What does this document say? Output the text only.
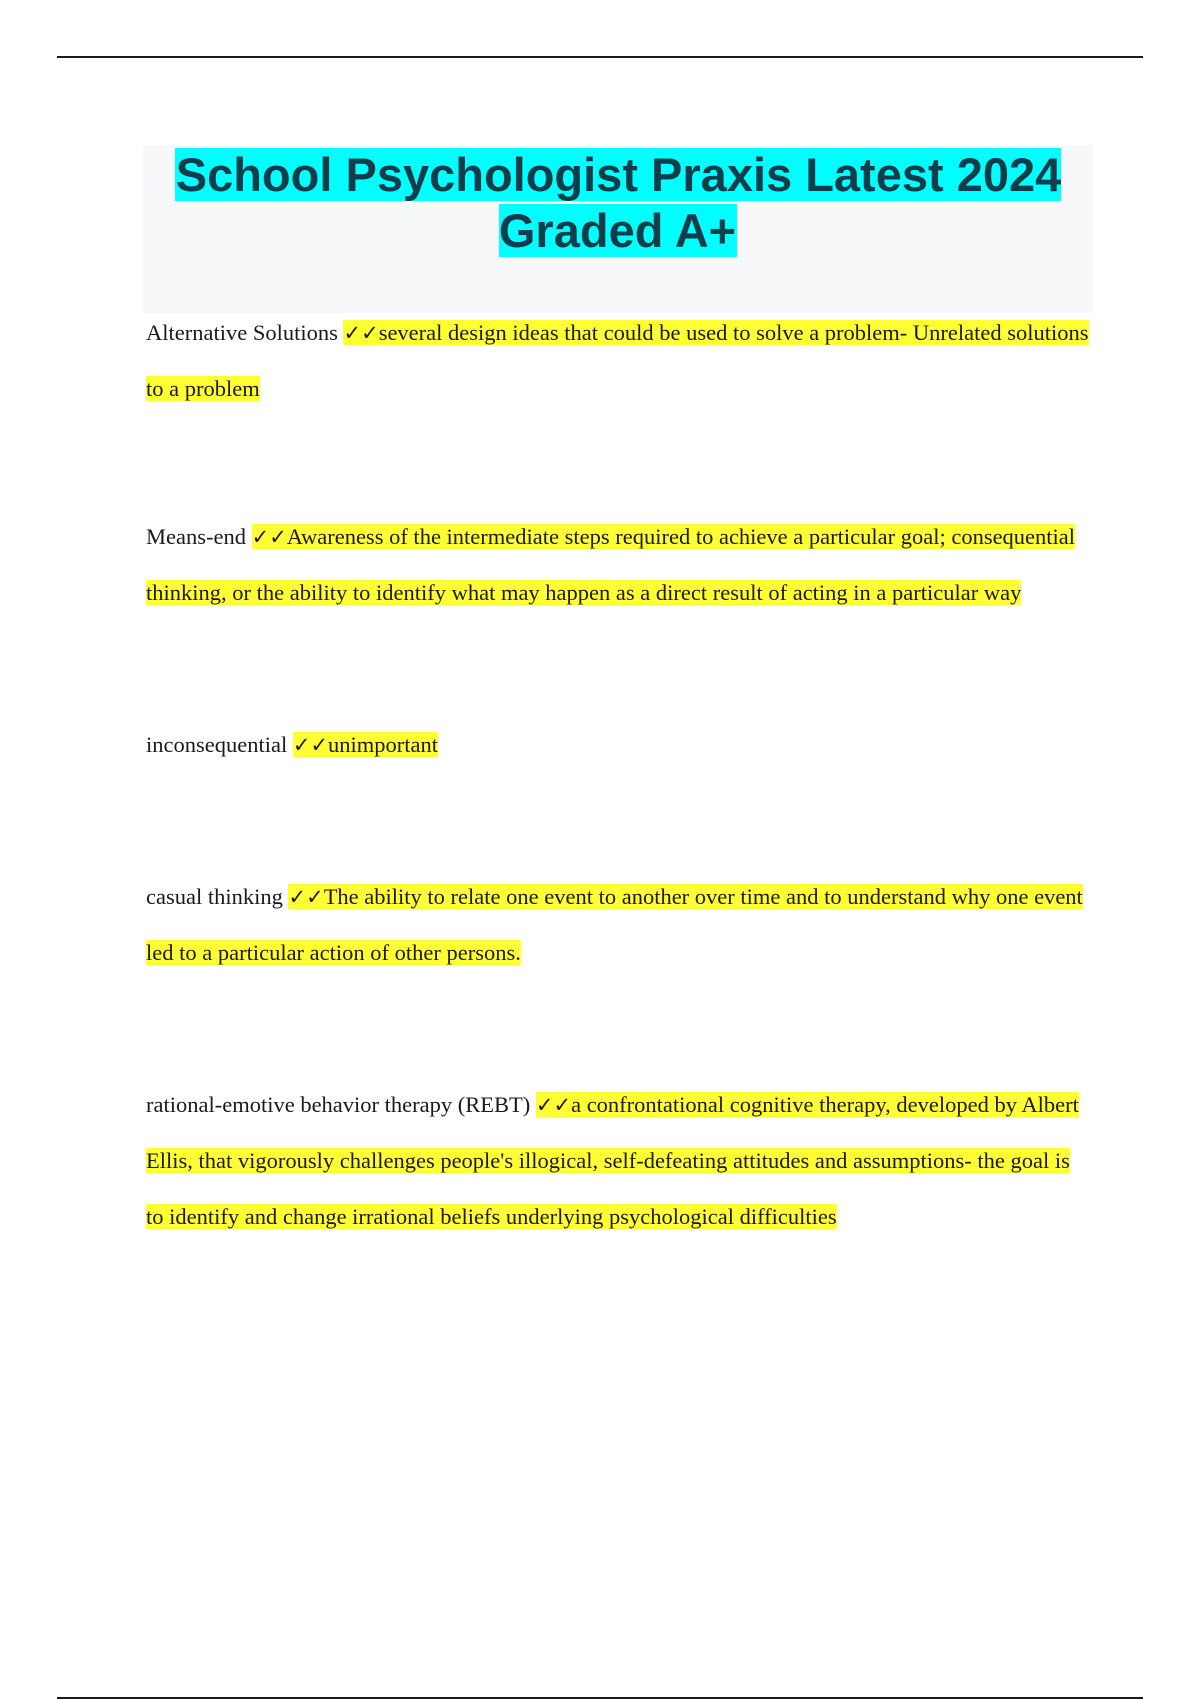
School Psychologist Praxis Latest 2024 Graded A+

Alternative Solutions ✓✓several design ideas that could be used to solve a problem- Unrelated solutions to a problem

Means-end ✓✓Awareness of the intermediate steps required to achieve a particular goal; consequential thinking, or the ability to identify what may happen as a direct result of acting in a particular way

inconsequential ✓✓unimportant

casual thinking ✓✓The ability to relate one event to another over time and to understand why one event led to a particular action of other persons.

rational-emotive behavior therapy (REBT) ✓✓a confrontational cognitive therapy, developed by Albert Ellis, that vigorously challenges people's illogical, self-defeating attitudes and assumptions- the goal is to identify and change irrational beliefs underlying psychological difficulties
